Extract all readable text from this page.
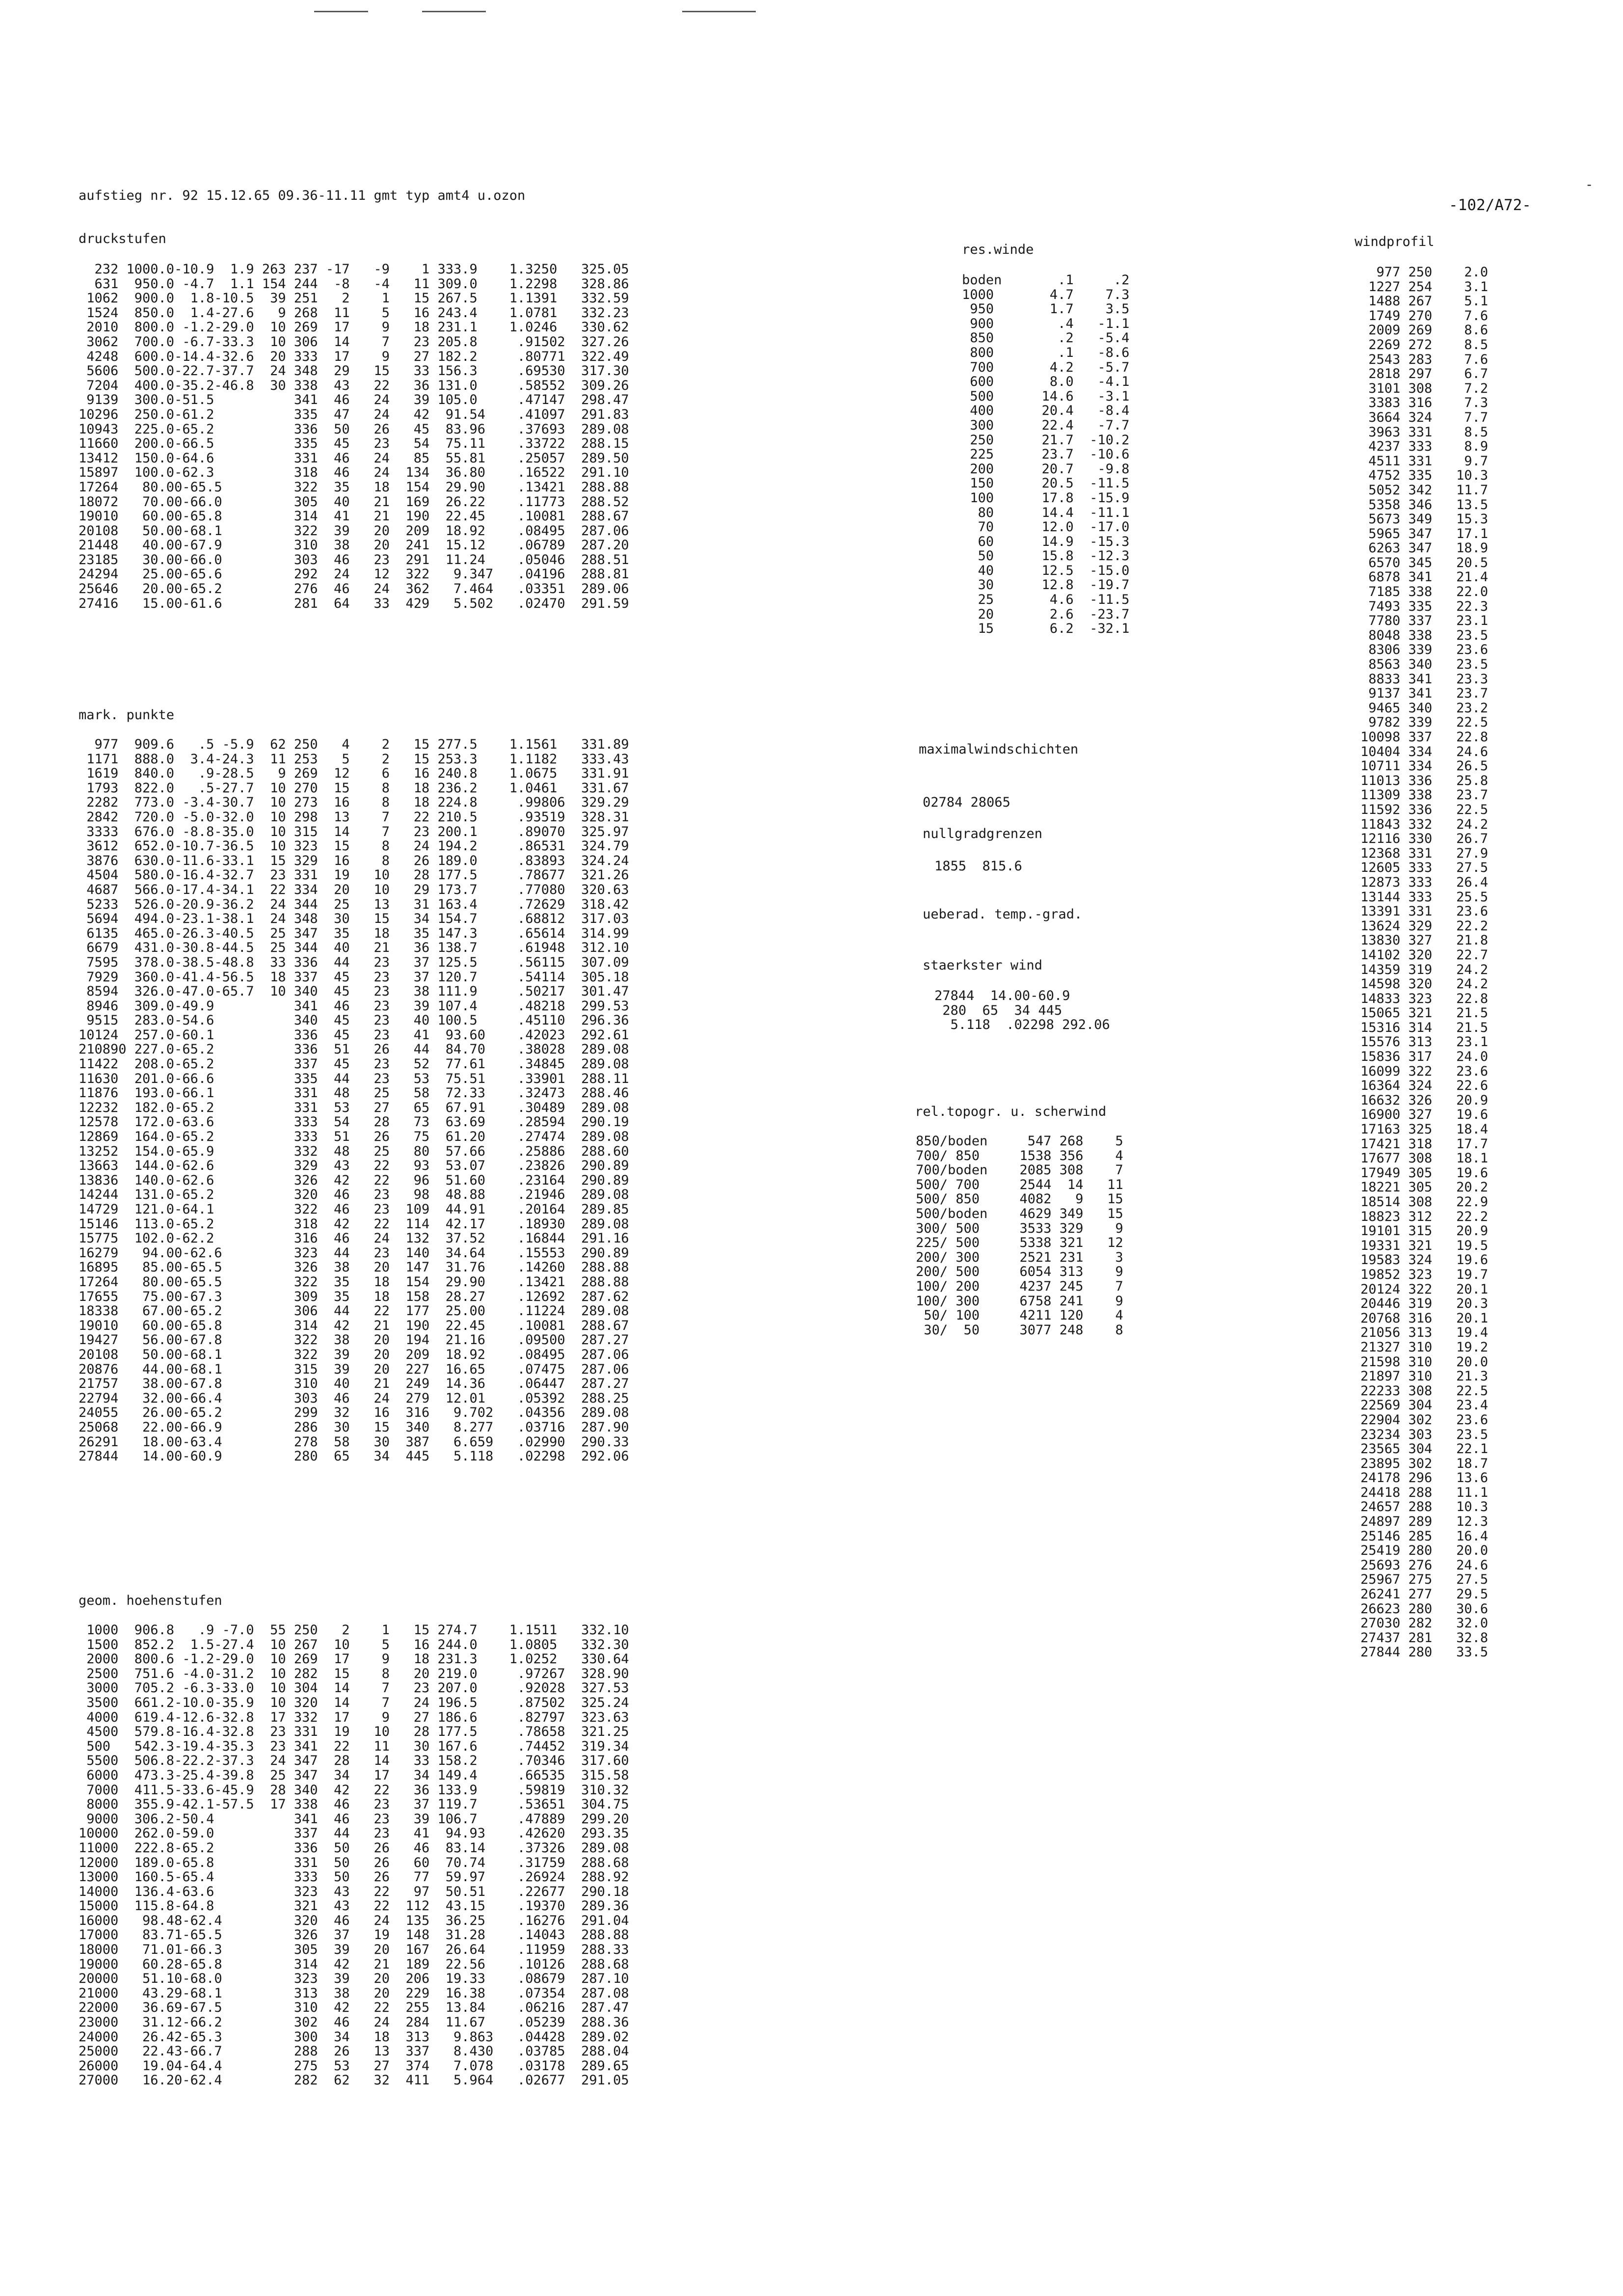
aufstieg nr. 92 15.12.65 09.36-11.11 gmt typ amt4 u.ozon
-102/A72-
-
druckstufen
232 1000.0-10.9  1.9 263 237 -17   -9    1 333.9    1.3250   325.05
631  950.0 -4.7  1.1 154 244  -8   -4   11 309.0    1.2298   328.86
1062  900.0  1.8-10.5  39 251   2    1   15 267.5    1.1391   332.59
1524  850.0  1.4-27.6   9 268  11    5   16 243.4    1.0781   332.23
2010  800.0 -1.2-29.0  10 269  17    9   18 231.1    1.0246   330.62
3062  700.0 -6.7-33.3  10 306  14    7   23 205.8     .91502  327.26
4248  600.0-14.4-32.6  20 333  17    9   27 182.2     .80771  322.49
5606  500.0-22.7-37.7  24 348  29   15   33 156.3     .69530  317.30
7204  400.0-35.2-46.8  30 338  43   22   36 131.0     .58552  309.26
9139  300.0-51.5          341  46   24   39 105.0     .47147  298.47
10296  250.0-61.2          335  47   24   42  91.54    .41097  291.83
10943  225.0-65.2          336  50   26   45  83.96    .37693  289.08
11660  200.0-66.5          335  45   23   54  75.11    .33722  288.15
13412  150.0-64.6          331  46   24   85  55.81    .25057  289.50
15897  100.0-62.3          318  46   24  134  36.80    .16522  291.10
17264   80.00-65.5         322  35   18  154  29.90    .13421  288.88
18072   70.00-66.0         305  40   21  169  26.22    .11773  288.52
19010   60.00-65.8         314  41   21  190  22.45    .10081  288.67
20108   50.00-68.1         322  39   20  209  18.92    .08495  287.06
21448   40.00-67.9         310  38   20  241  15.12    .06789  287.20
23185   30.00-66.0         303  46   23  291  11.24    .05046  288.51
24294   25.00-65.6         292  24   12  322   9.347   .04196  288.81
25646   20.00-65.2         276  46   24  362   7.464   .03351  289.06
27416   15.00-61.6         281  64   33  429   5.502   .02470  291.59
mark. punkte
977  909.6   .5 -5.9  62 250   4    2   15 277.5    1.1561   331.89
1171  888.0  3.4-24.3  11 253   5    2   15 253.3    1.1182   333.43
1619  840.0   .9-28.5   9 269  12    6   16 240.8    1.0675   331.91
1793  822.0   .5-27.7  10 270  15    8   18 236.2    1.0461   331.67
2282  773.0 -3.4-30.7  10 273  16    8   18 224.8     .99806  329.29
2842  720.0 -5.0-32.0  10 298  13    7   22 210.5     .93519  328.31
3333  676.0 -8.8-35.0  10 315  14    7   23 200.1     .89070  325.97
3612  652.0-10.7-36.5  10 323  15    8   24 194.2     .86531  324.79
3876  630.0-11.6-33.1  15 329  16    8   26 189.0     .83893  324.24
4504  580.0-16.4-32.7  23 331  19   10   28 177.5     .78677  321.26
4687  566.0-17.4-34.1  22 334  20   10   29 173.7     .77080  320.63
5233  526.0-20.9-36.2  24 344  25   13   31 163.4     .72629  318.42
5694  494.0-23.1-38.1  24 348  30   15   34 154.7     .68812  317.03
6135  465.0-26.3-40.5  25 347  35   18   35 147.3     .65614  314.99
6679  431.0-30.8-44.5  25 344  40   21   36 138.7     .61948  312.10
7595  378.0-38.5-48.8  33 336  44   23   37 125.5     .56115  307.09
7929  360.0-41.4-56.5  18 337  45   23   37 120.7     .54114  305.18
8594  326.0-47.0-65.7  10 340  45   23   38 111.9     .50217  301.47
8946  309.0-49.9          341  46   23   39 107.4     .48218  299.53
9515  283.0-54.6          340  45   23   40 100.5     .45110  296.36
10124  257.0-60.1          336  45   23   41  93.60    .42023  292.61
210890 227.0-65.2          336  51   26   44  84.70    .38028  289.08
11422  208.0-65.2          337  45   23   52  77.61    .34845  289.08
11630  201.0-66.6          335  44   23   53  75.51    .33901  288.11
11876  193.0-66.1          331  48   25   58  72.33    .32473  288.46
12232  182.0-65.2          331  53   27   65  67.91    .30489  289.08
12578  172.0-63.6          333  54   28   73  63.69    .28594  290.19
12869  164.0-65.2          333  51   26   75  61.20    .27474  289.08
13252  154.0-65.9          332  48   25   80  57.66    .25886  288.60
13663  144.0-62.6          329  43   22   93  53.07    .23826  290.89
13836  140.0-62.6          326  42   22   96  51.60    .23164  290.89
14244  131.0-65.2          320  46   23   98  48.88    .21946  289.08
14729  121.0-64.1          322  46   23  109  44.91    .20164  289.85
15146  113.0-65.2          318  42   22  114  42.17    .18930  289.08
15775  102.0-62.2          316  46   24  132  37.52    .16844  291.16
16279   94.00-62.6         323  44   23  140  34.64    .15553  290.89
16895   85.00-65.5         326  38   20  147  31.76    .14260  288.88
17264   80.00-65.5         322  35   18  154  29.90    .13421  288.88
17655   75.00-67.3         309  35   18  158  28.27    .12692  287.62
18338   67.00-65.2         306  44   22  177  25.00    .11224  289.08
19010   60.00-65.8         314  42   21  190  22.45    .10081  288.67
19427   56.00-67.8         322  38   20  194  21.16    .09500  287.27
20108   50.00-68.1         322  39   20  209  18.92    .08495  287.06
20876   44.00-68.1         315  39   20  227  16.65    .07475  287.06
21757   38.00-67.8         310  40   21  249  14.36    .06447  287.27
22794   32.00-66.4         303  46   24  279  12.01    .05392  288.25
24055   26.00-65.2         299  32   16  316   9.702   .04356  289.08
25068   22.00-66.9         286  30   15  340   8.277   .03716  287.90
26291   18.00-63.4         278  58   30  387   6.659   .02990  290.33
27844   14.00-60.9         280  65   34  445   5.118   .02298  292.06
geom. hoehenstufen
1000  906.8   .9 -7.0  55 250   2    1   15 274.7    1.1511   332.10
1500  852.2  1.5-27.4  10 267  10    5   16 244.0    1.0805   332.30
2000  800.6 -1.2-29.0  10 269  17    9   18 231.3    1.0252   330.64
2500  751.6 -4.0-31.2  10 282  15    8   20 219.0     .97267  328.90
3000  705.2 -6.3-33.0  10 304  14    7   23 207.0     .92028  327.53
3500  661.2-10.0-35.9  10 320  14    7   24 196.5     .87502  325.24
4000  619.4-12.6-32.8  17 332  17    9   27 186.6     .82797  323.63
4500  579.8-16.4-32.8  23 331  19   10   28 177.5     .78658  321.25
500   542.3-19.4-35.3  23 341  22   11   30 167.6     .74452  319.34
5500  506.8-22.2-37.3  24 347  28   14   33 158.2     .70346  317.60
6000  473.3-25.4-39.8  25 347  34   17   34 149.4     .66535  315.58
7000  411.5-33.6-45.9  28 340  42   22   36 133.9     .59819  310.32
8000  355.9-42.1-57.5  17 338  46   23   37 119.7     .53651  304.75
9000  306.2-50.4          341  46   23   39 106.7     .47889  299.20
10000  262.0-59.0          337  44   23   41  94.93    .42620  293.35
11000  222.8-65.2          336  50   26   46  83.14    .37326  289.08
12000  189.0-65.8          331  50   26   60  70.74    .31759  288.68
13000  160.5-65.4          333  50   26   77  59.97    .26924  288.92
14000  136.4-63.6          323  43   22   97  50.51    .22677  290.18
15000  115.8-64.8          321  43   22  112  43.15    .19370  289.36
16000   98.48-62.4         320  46   24  135  36.25    .16276  291.04
17000   83.71-65.5         326  37   19  148  31.28    .14043  288.88
18000   71.01-66.3         305  39   20  167  26.64    .11959  288.33
19000   60.28-65.8         314  42   21  189  22.56    .10126  288.68
20000   51.10-68.0         323  39   20  206  19.33    .08679  287.10
21000   43.29-68.1         313  38   20  229  16.38    .07354  287.08
22000   36.69-67.5         310  42   22  255  13.84    .06216  287.47
23000   31.12-66.2         302  46   24  284  11.67    .05239  288.36
24000   26.42-65.3         300  34   18  313   9.863   .04428  289.02
25000   22.43-66.7         288  26   13  337   8.430   .03785  288.04
26000   19.04-64.4         275  53   27  374   7.078   .03178  289.65
27000   16.20-62.4         282  62   32  411   5.964   .02677  291.05
res.winde
boden       .1     .2
1000       4.7    7.3
950       1.7    3.5
900        .4   -1.1
850        .2   -5.4
800        .1   -8.6
700       4.2   -5.7
600       8.0   -4.1
500      14.6   -3.1
400      20.4   -8.4
300      22.4   -7.7
250      21.7  -10.2
225      23.7  -10.6
200      20.7   -9.8
150      20.5  -11.5
100      17.8  -15.9
80      14.4  -11.1
70      12.0  -17.0
60      14.9  -15.3
50      15.8  -12.3
40      12.5  -15.0
30      12.8  -19.7
25       4.6  -11.5
20       2.6  -23.7
15       6.2  -32.1
maximalwindschichten
02784 28065
nullgradgrenzen
1855  815.6
ueberad. temp.-grad.
staerkster wind
27844  14.00-60.9
280  65  34 445
5.118  .02298 292.06
rel.topogr. u. scherwind
850/boden     547 268    5
700/ 850     1538 356    4
700/boden    2085 308    7
500/ 700     2544  14   11
500/ 850     4082   9   15
500/boden    4629 349   15
300/ 500     3533 329    9
225/ 500     5338 321   12
200/ 300     2521 231    3
200/ 500     6054 313    9
100/ 200     4237 245    7
100/ 300     6758 241    9
50/ 100     4211 120    4
30/  50     3077 248    8
windprofil
977 250    2.0
1227 254    3.1
1488 267    5.1
1749 270    7.6
2009 269    8.6
2269 272    8.5
2543 283    7.6
2818 297    6.7
3101 308    7.2
3383 316    7.3
3664 324    7.7
3963 331    8.5
4237 333    8.9
4511 331    9.7
4752 335   10.3
5052 342   11.7
5358 346   13.5
5673 349   15.3
5965 347   17.1
6263 347   18.9
6570 345   20.5
6878 341   21.4
7185 338   22.0
7493 335   22.3
7780 337   23.1
8048 338   23.5
8306 339   23.6
8563 340   23.5
8833 341   23.3
9137 341   23.7
9465 340   23.2
9782 339   22.5
10098 337   22.8
10404 334   24.6
10711 334   26.5
11013 336   25.8
11309 338   23.7
11592 336   22.5
11843 332   24.2
12116 330   26.7
12368 331   27.9
12605 333   27.5
12873 333   26.4
13144 333   25.5
13391 331   23.6
13624 329   22.2
13830 327   21.8
14102 320   22.7
14359 319   24.2
14598 320   24.2
14833 323   22.8
15065 321   21.5
15316 314   21.5
15576 313   23.1
15836 317   24.0
16099 322   23.6
16364 324   22.6
16632 326   20.9
16900 327   19.6
17163 325   18.4
17421 318   17.7
17677 308   18.1
17949 305   19.6
18221 305   20.2
18514 308   22.9
18823 312   22.2
19101 315   20.9
19331 321   19.5
19583 324   19.6
19852 323   19.7
20124 322   20.1
20446 319   20.3
20768 316   20.1
21056 313   19.4
21327 310   19.2
21598 310   20.0
21897 310   21.3
22233 308   22.5
22569 304   23.4
22904 302   23.6
23234 303   23.5
23565 304   22.1
23895 302   18.7
24178 296   13.6
24418 288   11.1
24657 288   10.3
24897 289   12.3
25146 285   16.4
25419 280   20.0
25693 276   24.6
25967 275   27.5
26241 277   29.5
26623 280   30.6
27030 282   32.0
27437 281   32.8
27844 280   33.5
